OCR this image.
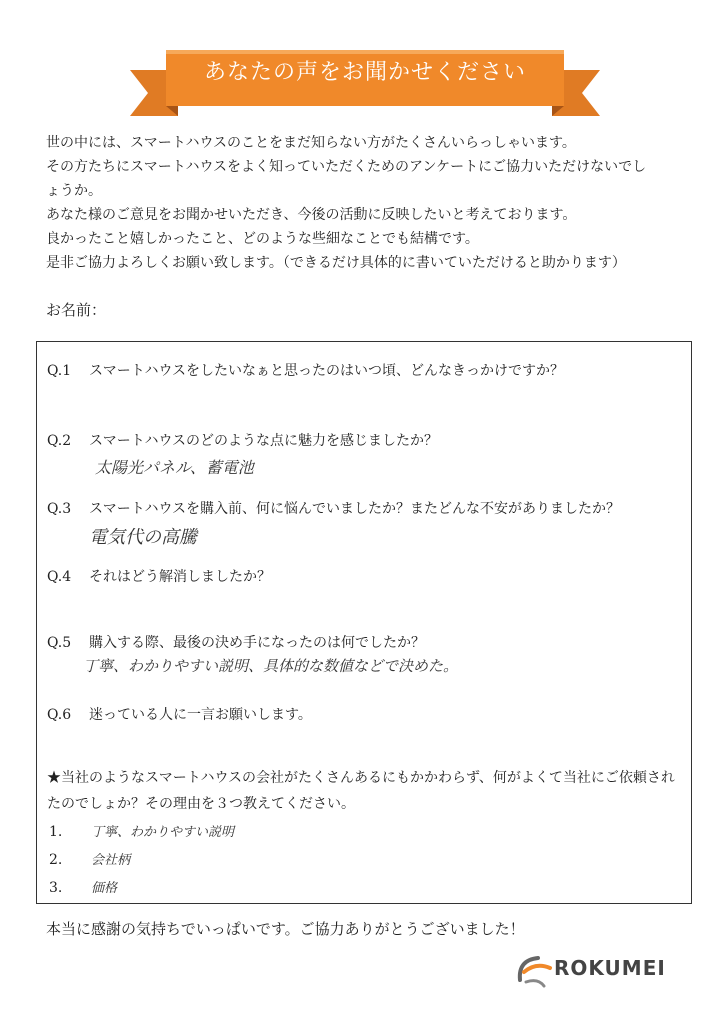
あなたの声をお聞かせください
世の中には、スマートハウスのことをまだ知らない方がたくさんいらっしゃいます。
その方たちにスマートハウスをよく知っていただくためのアンケートにご協力いただけないでし
ょうか。
あなた様のご意見をお聞かせいただき、今後の活動に反映したいと考えております。
良かったこと嬉しかったこと、どのような些細なことでも結構です。
是非ご協力よろしくお願い致します。（できるだけ具体的に書いていただけると助かります）
お名前：
Q.1 スマートハウスをしたいなぁと思ったのはいつ頃、どんなきっかけですか？
Q.2 スマートハウスのどのような点に魅力を感じましたか？
太陽光パネル、蓄電池
Q.3 スマートハウスを購入前、何に悩んでいましたか？またどんな不安がありましたか？
電気代の高騰
Q.4 それはどう解消しましたか？
Q.5 購入する際、最後の決め手になったのは何でしたか？
丁寧、わかりやすい説明、具体的な数値などで決めた。
Q.6 迷っている人に一言お願いします。
★当社のようなスマートハウスの会社がたくさんあるにもかかわらず、何がよくて当社にご依頼されたのでしょか？その理由を３つ教えてください。
1. 丁寧、わかりやすい説明
2. 会社柄
3. 価格
本当に感謝の気持ちでいっぱいです。ご協力ありがとうございました！
ROKUMEI
